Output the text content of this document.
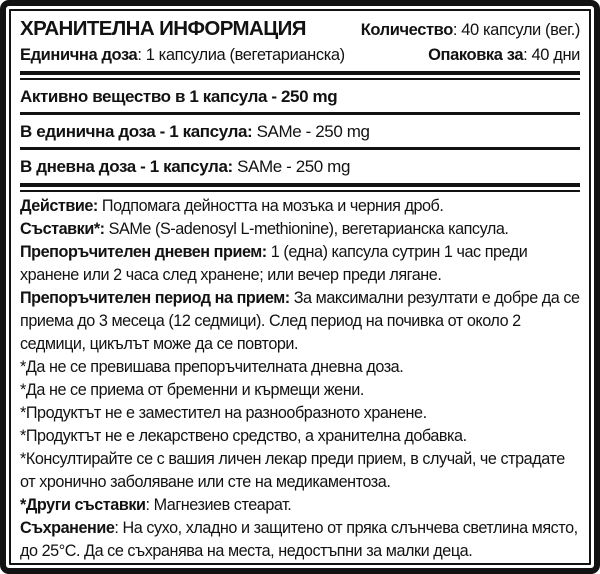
ХРАНИТЕЛНА ИНФОРМАЦИЯ	Количество: 40 капсули (вег.)
Единична доза: 1 капсулиа (вегетарианска)	Опаковка за: 40 дни
Активно вещество в 1 капсула - 250 mg
В единична доза - 1 капсула: SAMe - 250 mg
В дневна доза - 1 капсула: SAMe - 250 mg

Действие: Подпомага дейността на мозъка и черния дроб.

Съставки*: SAMe (S-adenosyl L-methionine), вегетарианска капсула.

Препоръчителен дневен прием: 1 (една) капсула сутрин 1 час преди хранене или 2 часа след хранене; или вечер преди лягане.

Препоръчителен период на прием: За максимални резултати е добре да се приема до 3 месеца (12 седмици). След период на почивка от около 2 седмици, цикълът може да се повтори.

*Да не се превишава препоръчителната дневна доза.

*Да не се приема от бременни и кърмещи жени.

*Продуктът не е заместител на разнообразното хранене.

*Продуктът не е лекарствено средство, а хранителна добавка.

*Консултирайте се с вашия личен лекар преди прием, в случай, че страдате от хронично заболяване или сте на медикаментоза.

*Други съставки: Магнезиев стеарат.

Съхранение: На сухо, хладно и защитено от пряка слънчева светлина място, до 25°C. Да се съхранява на места, недостъпни за малки деца.
